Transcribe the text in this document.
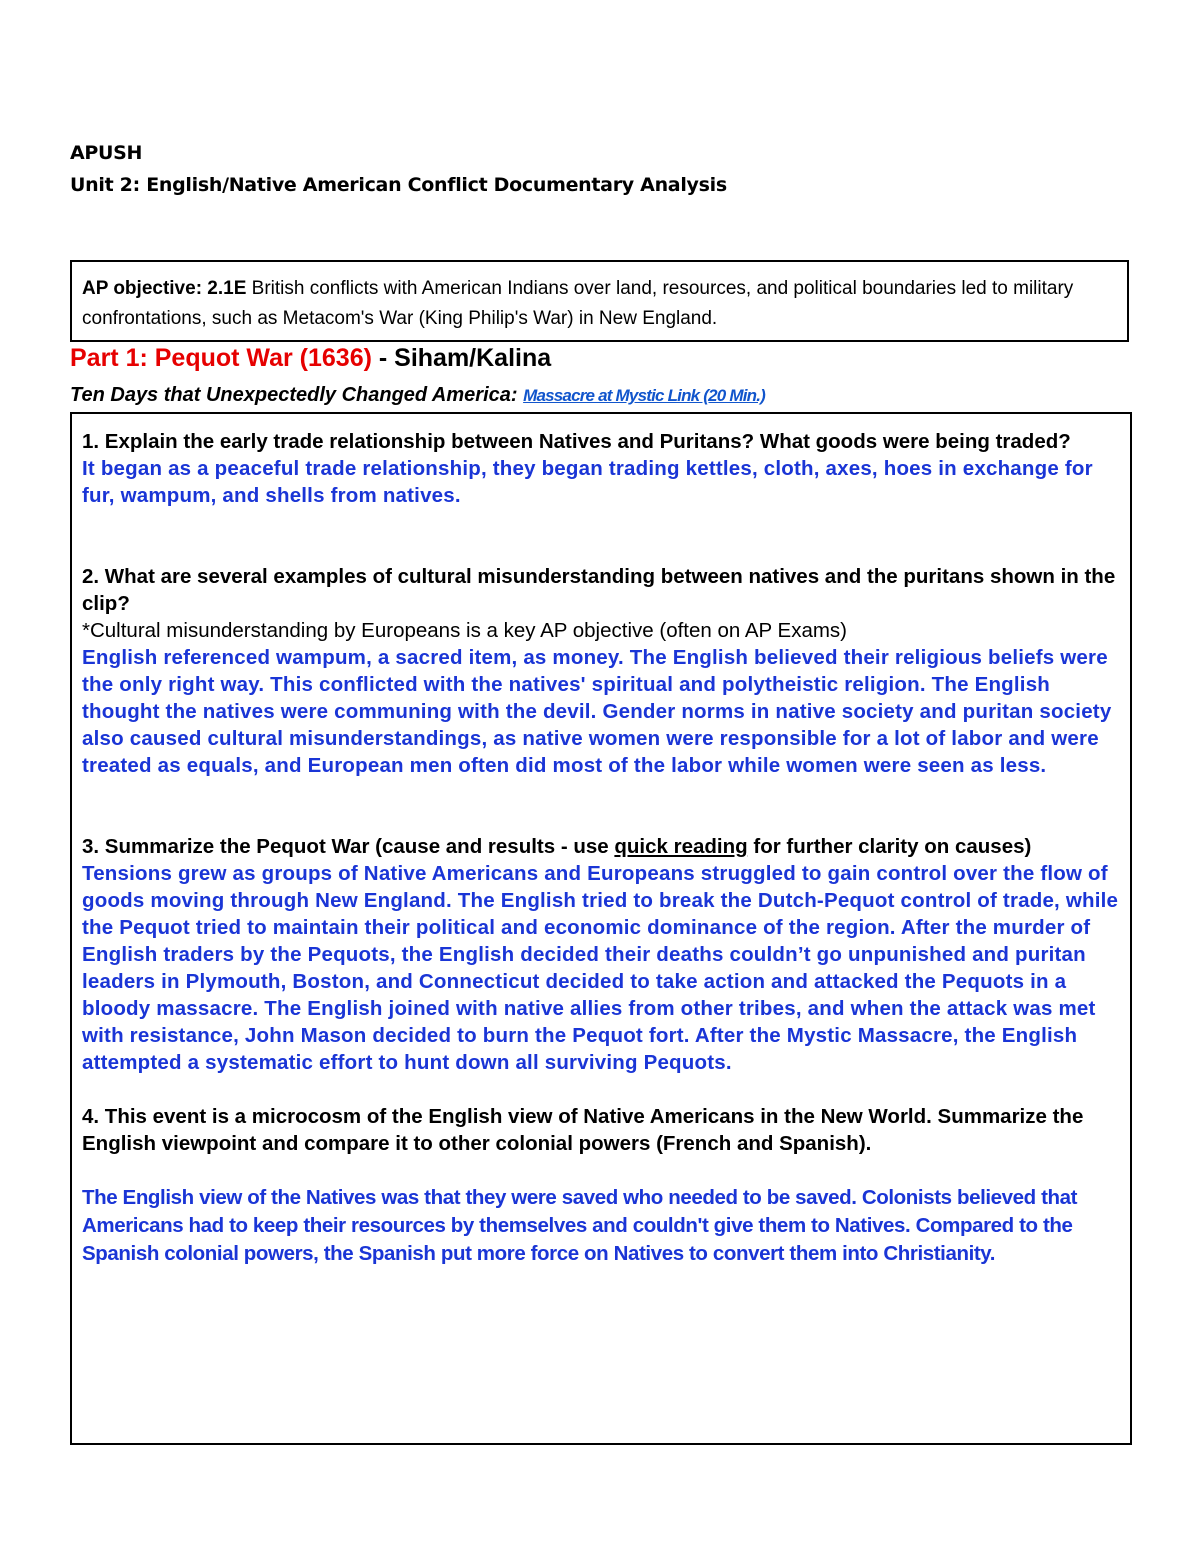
APUSH
Unit 2: English/Native American Conflict Documentary Analysis
AP objective: 2.1E British conflicts with American Indians over land, resources, and political boundaries led to military confrontations, such as Metacom's War (King Philip's War) in New England.
Part 1: Pequot War (1636) - Siham/Kalina
Ten Days that Unexpectedly Changed America: Massacre at Mystic Link (20 Min.)
1. Explain the early trade relationship between Natives and Puritans? What goods were being traded?
It began as a peaceful trade relationship, they began trading kettles, cloth, axes, hoes in exchange for fur, wampum, and shells from natives.
2. What are several examples of cultural misunderstanding between natives and the puritans shown in the clip?
*Cultural misunderstanding by Europeans is a key AP objective (often on AP Exams)
English referenced wampum, a sacred item, as money. The English believed their religious beliefs were the only right way. This conflicted with the natives' spiritual and polytheistic religion. The English thought the natives were communing with the devil. Gender norms in native society and puritan society also caused cultural misunderstandings, as native women were responsible for a lot of labor and were treated as equals, and European men often did most of the labor while women were seen as less.
3. Summarize the Pequot War (cause and results - use quick reading for further clarity on causes)
Tensions grew as groups of Native Americans and Europeans struggled to gain control over the flow of goods moving through New England. The English tried to break the Dutch-Pequot control of trade, while the Pequot tried to maintain their political and economic dominance of the region. After the murder of English traders by the Pequots, the English decided their deaths couldn’t go unpunished and puritan leaders in Plymouth, Boston, and Connecticut decided to take action and attacked the Pequots in a bloody massacre. The English joined with native allies from other tribes, and when the attack was met with resistance, John Mason decided to burn the Pequot fort. After the Mystic Massacre, the English attempted a systematic effort to hunt down all surviving Pequots.
4. This event is a microcosm of the English view of Native Americans in the New World. Summarize the English viewpoint and compare it to other colonial powers (French and Spanish).
The English view of the Natives was that they were saved who needed to be saved. Colonists believed that Americans had to keep their resources by themselves and couldn't give them to Natives. Compared to the Spanish colonial powers, the Spanish put more force on Natives to convert them into Christianity.
